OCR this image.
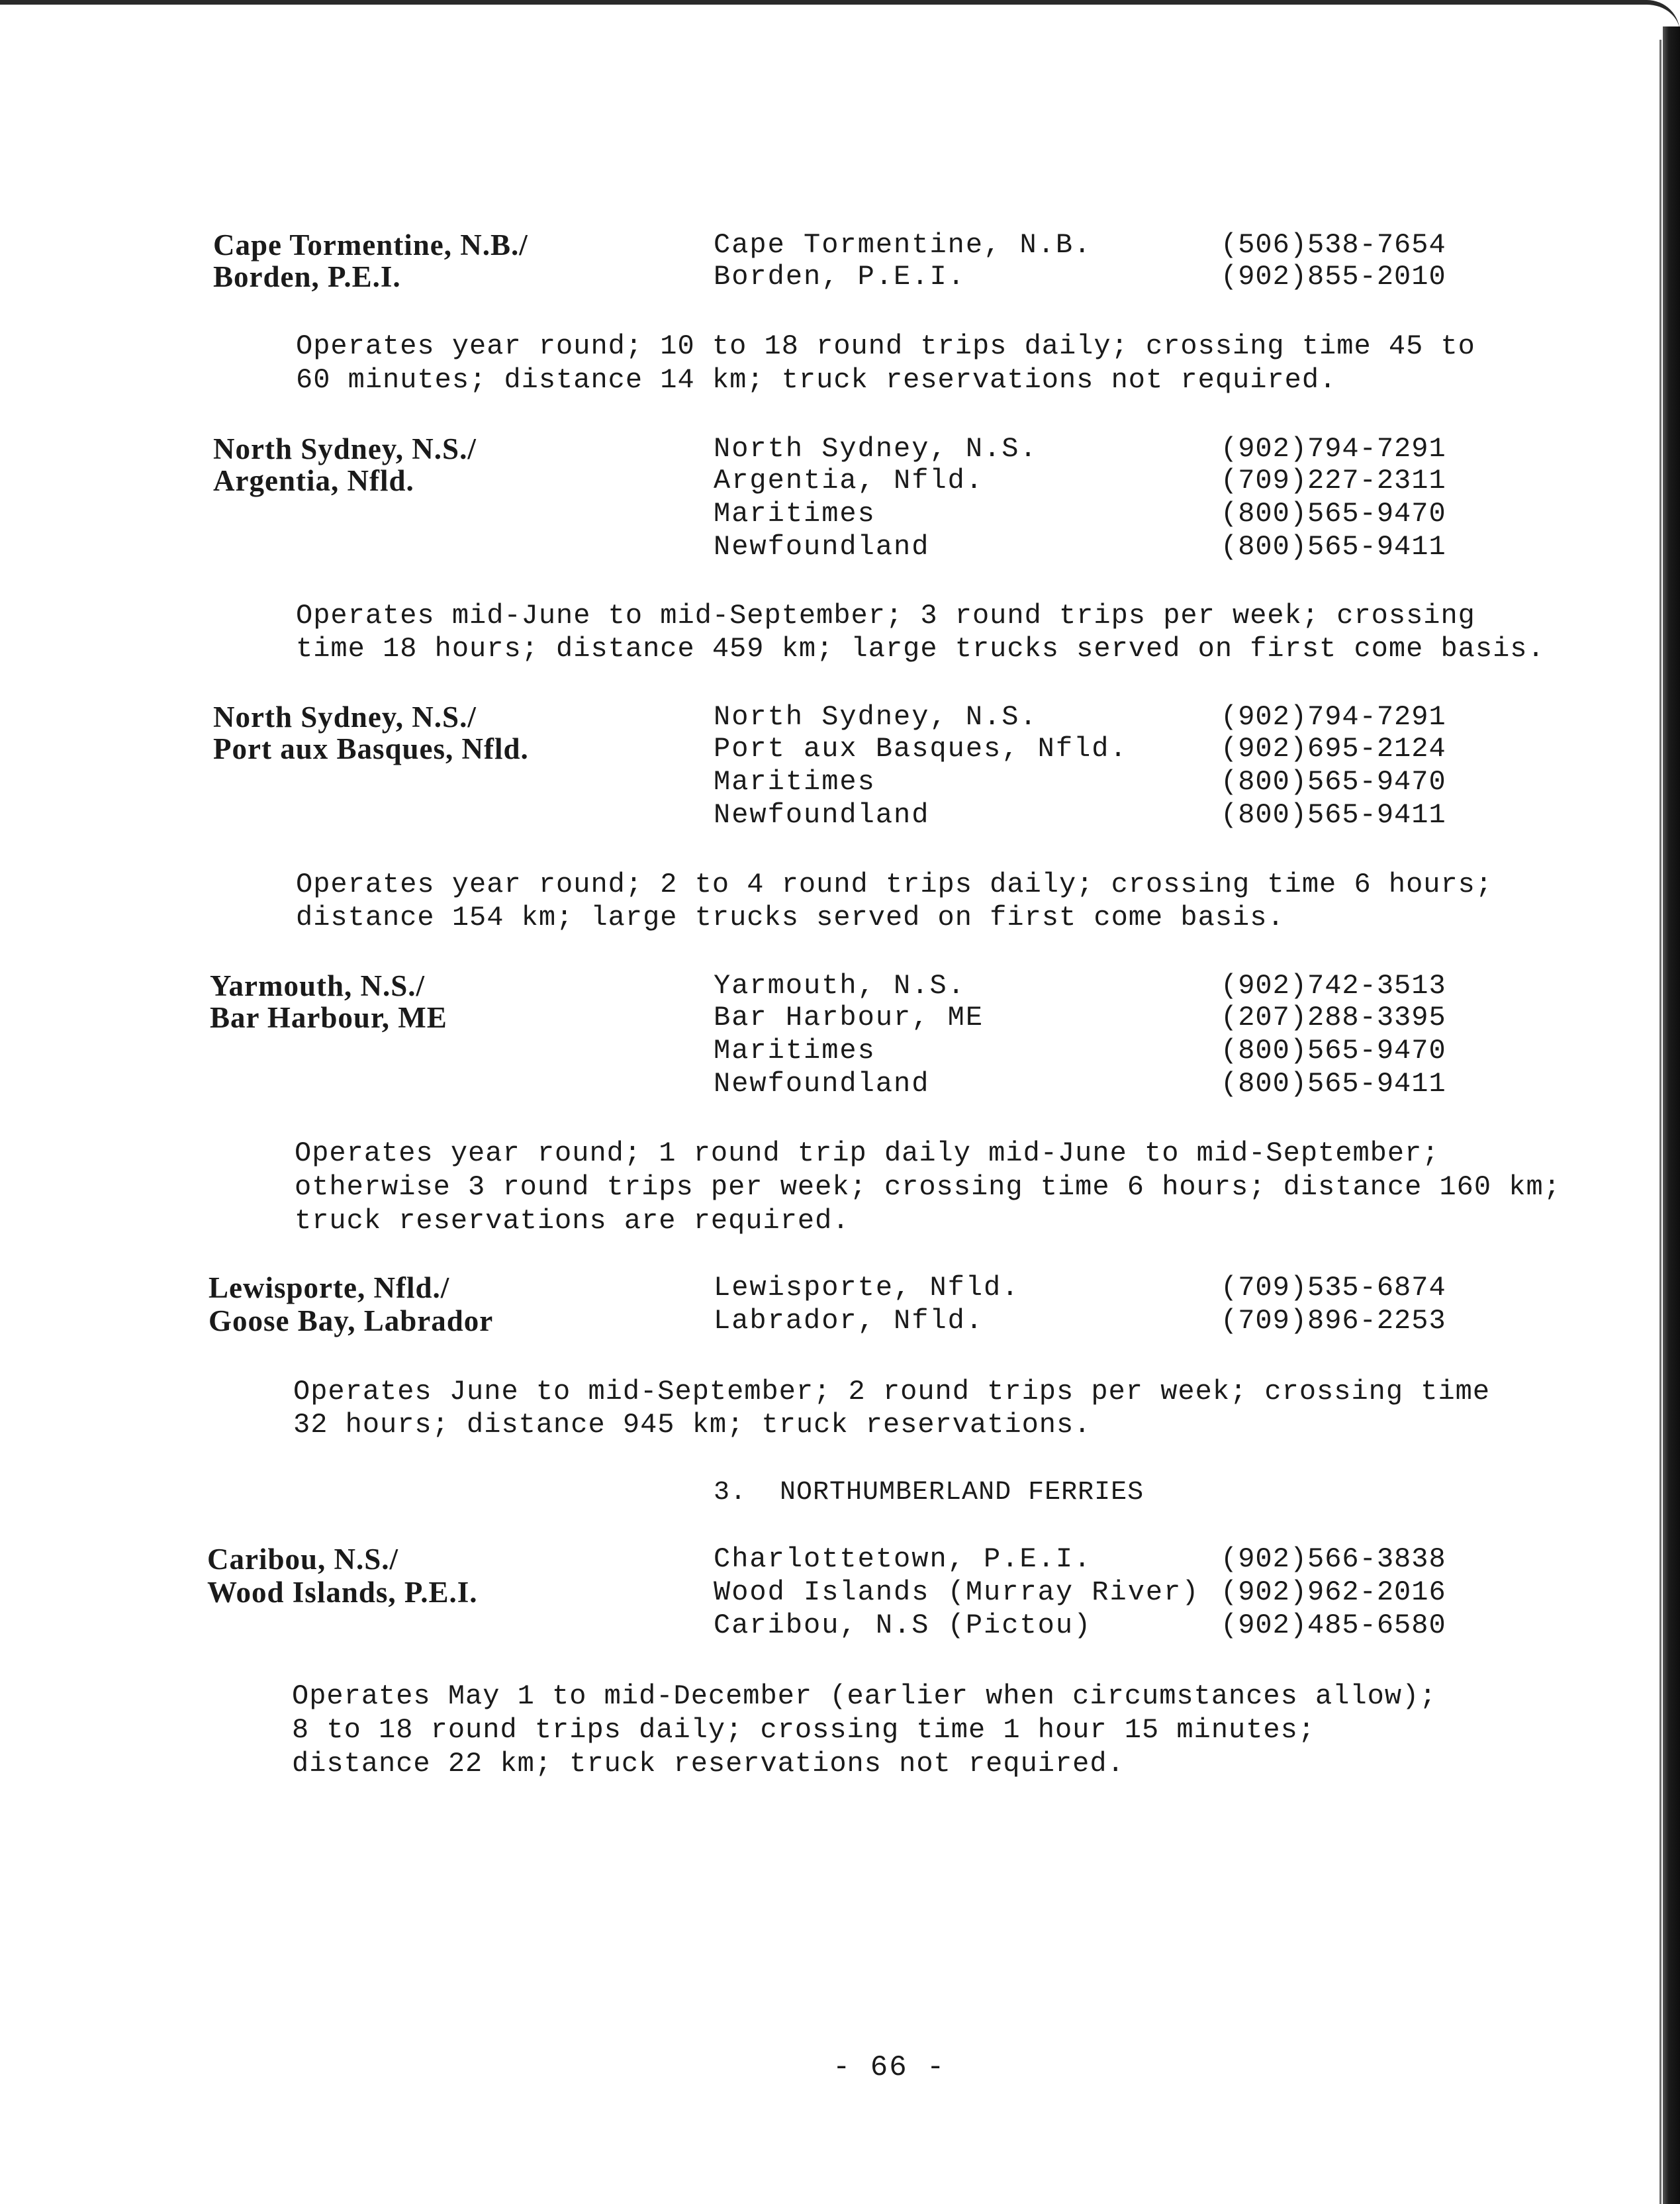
Cape Tormentine, N.B./
Borden, P.E.I.
Cape Tormentine, N.B.	(506)538-7654
Borden, P.E.I.	(902)855-2010
Operates year round; 10 to 18 round trips daily; crossing time 45 to
60 minutes; distance 14 km; truck reservations not required.
North Sydney, N.S./
Argentia, Nfld.
North Sydney, N.S.	(902)794-7291
Argentia, Nfld.	(709)227-2311
Maritimes	(800)565-9470
Newfoundland	(800)565-9411
Operates mid-June to mid-September; 3 round trips per week; crossing
time 18 hours; distance 459 km; large trucks served on first come basis.
North Sydney, N.S./
Port aux Basques, Nfld.
North Sydney, N.S.	(902)794-7291
Port aux Basques, Nfld.	(902)695-2124
Maritimes	(800)565-9470
Newfoundland	(800)565-9411
Operates year round; 2 to 4 round trips daily; crossing time 6 hours;
distance 154 km; large trucks served on first come basis.
Yarmouth, N.S./
Bar Harbour, ME
Yarmouth, N.S.	(902)742-3513
Bar Harbour, ME	(207)288-3395
Maritimes	(800)565-9470
Newfoundland	(800)565-9411
Operates year round; 1 round trip daily mid-June to mid-September;
otherwise 3 round trips per week; crossing time 6 hours; distance 160 km;
truck reservations are required.
Lewisporte, Nfld./
Goose Bay, Labrador
Lewisporte, Nfld.	(709)535-6874
Labrador, Nfld.	(709)896-2253
Operates June to mid-September; 2 round trips per week; crossing time
32 hours; distance 945 km; truck reservations.
3.  NORTHUMBERLAND FERRIES
Caribou, N.S./
Wood Islands, P.E.I.
Charlottetown, P.E.I.	(902)566-3838
Wood Islands (Murray River) (902)962-2016
Caribou, N.S (Pictou)	(902)485-6580
Operates May 1 to mid-December (earlier when circumstances allow);
8 to 18 round trips daily; crossing time 1 hour 15 minutes;
distance 22 km; truck reservations not required.
- 66 -
